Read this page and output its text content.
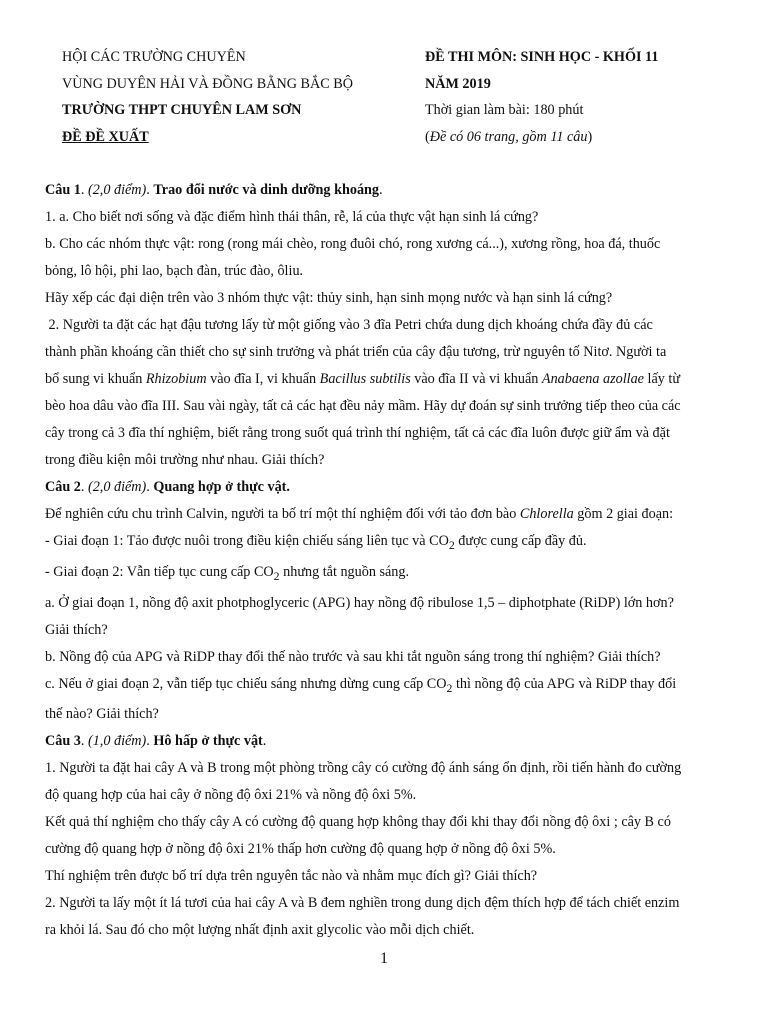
HỘI CÁC TRƯỜNG CHUYÊN
VÙNG DUYÊN HẢI VÀ ĐỒNG BẰNG BẮC BỘ
TRƯỜNG THPT CHUYÊN LAM SƠN
ĐỀ ĐỀ XUẤT
ĐỀ THI MÔN: SINH HỌC - KHỐI 11
NĂM 2019
Thời gian làm bài: 180 phút
(Đề có 06 trang, gồm 11 câu)

Câu 1. (2,0 điểm). Trao đổi nước và dinh dưỡng khoáng.

1. a. Cho biết nơi sống và đặc điểm hình thái thân, rễ, lá của thực vật hạn sinh lá cứng?

b. Cho các nhóm thực vật: rong (rong mái chèo, rong đuôi chó, rong xương cá...), xương rồng, hoa đá, thuốc

bỏng, lô hội, phi lao, bạch đàn, trúc đào, ôliu.

Hãy xếp các đại diện trên vào 3 nhóm thực vật: thủy sinh, hạn sinh mọng nước và hạn sinh lá cứng?

2. Người ta đặt các hạt đậu tương lấy từ một giống vào 3 đĩa Petri chứa dung dịch khoáng chứa đầy đủ các

thành phần khoáng cần thiết cho sự sinh trưởng và phát triển của cây đậu tương, trừ nguyên tố Nitơ. Người ta

bổ sung vi khuẩn Rhizobium vào đĩa I, vi khuẩn Bacillus subtilis vào đĩa II và vi khuẩn Anabaena azollae lấy từ

bèo hoa dâu vào đĩa III. Sau vài ngày, tất cả các hạt đều nảy mầm. Hãy dự đoán sự sinh trưởng tiếp theo của các

cây trong cả 3 đĩa thí nghiệm, biết rằng trong suốt quá trình thí nghiệm, tất cả các đĩa luôn được giữ ẩm và đặt

trong điều kiện môi trường như nhau. Giải thích?

Câu 2. (2,0 điểm). Quang hợp ở thực vật.

Để nghiên cứu chu trình Calvin, người ta bố trí một thí nghiệm đối với tảo đơn bào Chlorella gồm 2 giai đoạn:

- Giai đoạn 1: Tảo được nuôi trong điều kiện chiếu sáng liên tục và $CO_2$ được cung cấp đầy đủ.

- Giai đoạn 2: Vẫn tiếp tục cung cấp $CO_2$ nhưng tắt nguồn sáng.

a. Ở giai đoạn 1, nồng độ axit photphoglyceric (APG) hay nồng độ ribulose 1,5 – diphotphate (RiDP) lớn hơn?

Giải thích?

b. Nồng độ của APG và RiDP thay đổi thế nào trước và sau khi tắt nguồn sáng trong thí nghiệm? Giải thích?

c. Nếu ở giai đoạn 2, vẫn tiếp tục chiếu sáng nhưng dừng cung cấp $CO_2$ thì nồng độ của APG và RiDP thay đổi

thế nào? Giải thích?

Câu 3. (1,0 điểm). Hô hấp ở thực vật.

1. Người ta đặt hai cây A và B trong một phòng trồng cây có cường độ ánh sáng ổn định, rồi tiến hành đo cường

độ quang hợp của hai cây ở nồng độ ôxi 21% và nồng độ ôxi 5%.

Kết quả thí nghiệm cho thấy cây A có cường độ quang hợp không thay đổi khi thay đổi nồng độ ôxi ; cây B có

cường độ quang hợp ở nồng độ ôxi 21% thấp hơn cường độ quang hợp ở nồng độ ôxi 5%.

Thí nghiệm trên được bố trí dựa trên nguyên tắc nào và nhằm mục đích gì? Giải thích?

2. Người ta lấy một ít lá tươi của hai cây A và B đem nghiền trong dung dịch đệm thích hợp để tách chiết enzim

ra khỏi lá. Sau đó cho một lượng nhất định axit glycolic vào mỗi dịch chiết.

1
